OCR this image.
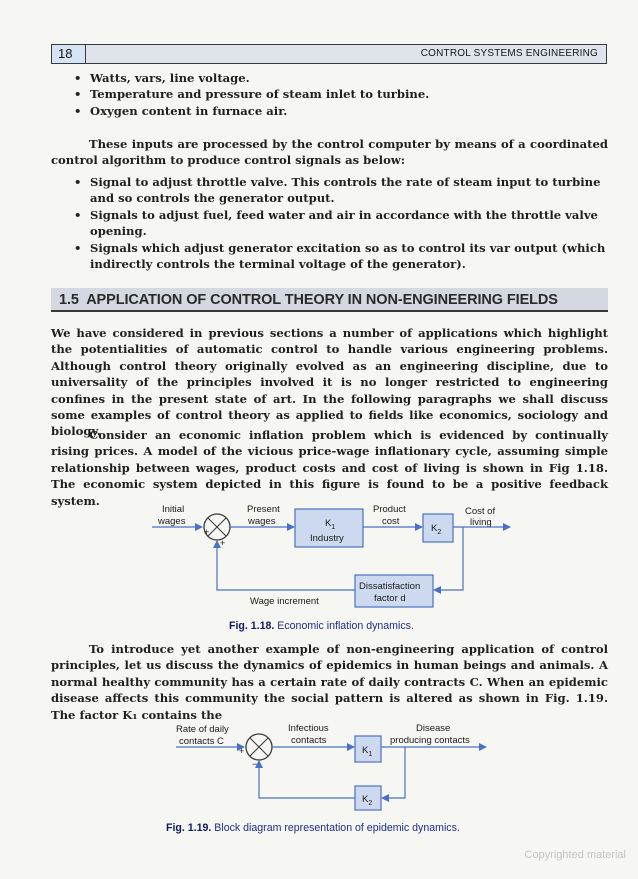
18	CONTROL SYSTEMS ENGINEERING
• Watts, vars, line voltage.
• Temperature and pressure of steam inlet to turbine.
• Oxygen content in furnace air.

These inputs are processed by the control computer by means of a coordinated control algorithm to produce control signals as below:

• Signal to adjust throttle valve. This controls the rate of steam input to turbine and so controls the generator output.
• Signals to adjust fuel, feed water and air in accordance with the throttle valve opening.
• Signals which adjust generator excitation so as to control its var output (which indirectly controls the terminal voltage of the generator).
1.5 APPLICATION OF CONTROL THEORY IN NON-ENGINEERING FIELDS

We have considered in previous sections a number of applications which highlight the potentialities of automatic control to handle various engineering problems. Although control theory originally evolved as an engineering discipline, due to universality of the principles involved it is no longer restricted to engineering confines in the present state of art. In the following paragraphs we shall discuss some examples of control theory as applied to fields like economics, sociology and biology.

Consider an economic inflation problem which is evidenced by continually rising prices. A model of the vicious price-wage inflationary cycle, assuming simple relationship between wages, product costs and cost of living is shown in Fig 1.18. The economic system depicted in this figure is found to be a positive feedback system.

Initial
wages
Present
wages
Product
cost
Cost of
living
+
+
$K_1$
Industry
$K_2$
Dissatisfaction
factor d
Wage increment
Fig. 1.18. Economic inflation dynamics.

To introduce yet another example of non-engineering application of control principles, let us discuss the dynamics of epidemics in human beings and animals. A normal healthy community has a certain rate of daily contracts C. When an epidemic disease affects this community the social pattern is altered as shown in Fig. 1.19. The factor K₁ contains the

Rate of daily
contacts C
Infectious
contacts
Disease
producing contacts
+
−
$K_1$
$K_2$
Fig. 1.19. Block diagram representation of epidemic dynamics.
Copyrighted material
